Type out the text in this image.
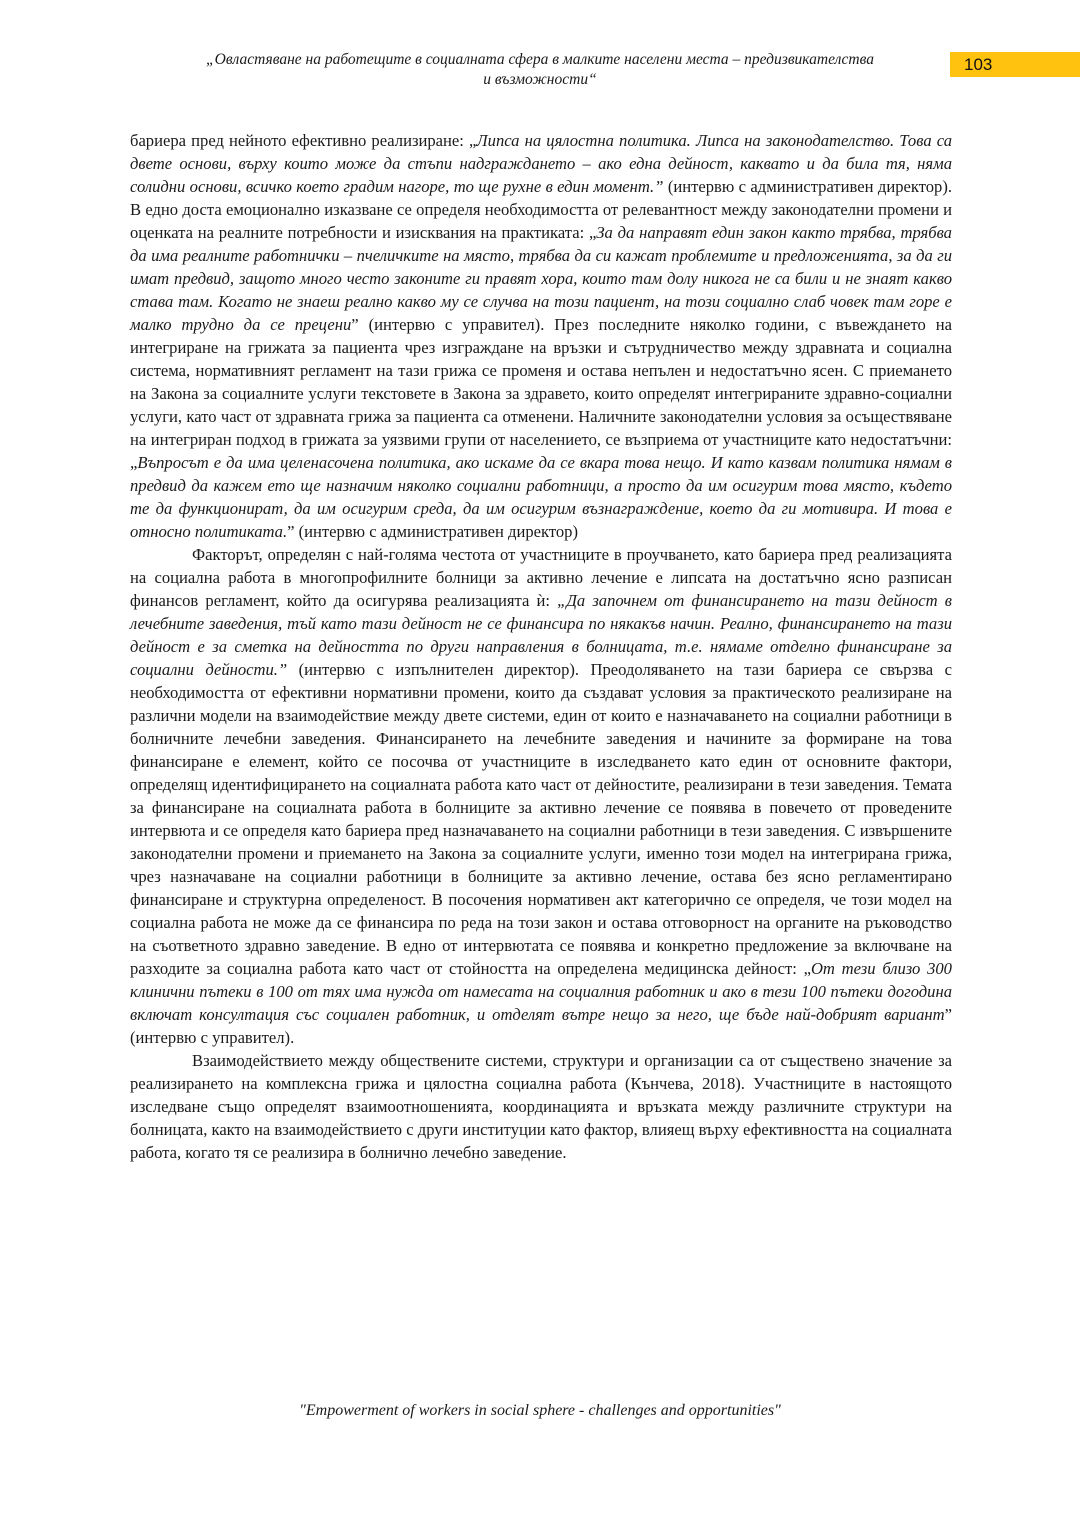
„Овластяване на работещите в социалната сфера в малките населени места – предизвикателства
и възможности“
103

бариера пред нейното ефективно реализиране: „Липса на цялостна политика. Липса на законодателство. Това са двете основи, върху които може да стъпи надграждането – ако една дейност, каквато и да била тя, няма солидни основи, всичко което градим нагоре, то ще рухне в един момент.” (интервю с административен директор). В едно доста емоционално изказване се определя необходимостта от релевантност между законодателни промени и оценката на реалните потребности и изисквания на практиката: „За да направят един закон както трябва, трябва да има реалните работнички – пчеличките на място, трябва да си кажат проблемите и предложенията, за да ги имат предвид, защото много често законите ги правят хора, които там долу никога не са били и не знаят какво става там. Когато не знаеш реално какво му се случва на този пациент, на този социално слаб човек там горе е малко трудно да се прецени” (интервю с управител). През последните няколко години, с въвеждането на интегриране на грижата за пациента чрез изграждане на връзки и сътрудничество между здравната и социална система, нормативният регламент на тази грижа се променя и остава непълен и недостатъчно ясен. С приемането на Закона за социалните услуги текстовете в Закона за здравето, които определят интегрираните здравно-социални услуги, като част от здравната грижа за пациента са отменени. Наличните законодателни условия за осъществяване на интегриран подход в грижата за уязвими групи от населението, се възприема от участниците като недостатъчни: „Въпросът е да има целенасочена политика, ако искаме да се вкара това нещо. И като казвам политика нямам в предвид да кажем ето ще назначим няколко социални работници, а просто да им осигурим това място, където те да функционират, да им осигурим среда, да им осигурим възнаграждение, което да ги мотивира. И това е относно политиката.” (интервю с административен директор)

Факторът, определян с най-голяма честота от участниците в проучването, като бариера пред реализацията на социална работа в многопрофилните болници за активно лечение е липсата на достатъчно ясно разписан финансов регламент, който да осигурява реализацията ѝ: „Да започнем от финансирането на тази дейност в лечебните заведения, тъй като тази дейност не се финансира по някакъв начин. Реално, финансирането на тази дейност е за сметка на дейността по други направления в болницата, т.е. нямаме отделно финансиране за социални дейности.” (интервю с изпълнителен директор). Преодоляването на тази бариера се свързва с необходимостта от ефективни нормативни промени, които да създават условия за практическото реализиране на различни модели на взаимодействие между двете системи, един от които е назначаването на социални работници в болничните лечебни заведения. Финансирането на лечебните заведения и начините за формиране на това финансиране е елемент, който се посочва от участниците в изследването като един от основните фактори, определящ идентифицирането на социалната работа като част от дейностите, реализирани в тези заведения. Темата за финансиране на социалната работа в болниците за активно лечение се появява в повечето от проведените интервюта и се определя като бариера пред назначаването на социални работници в тези заведения. С извършените законодателни промени и приемането на Закона за социалните услуги, именно този модел на интегрирана грижа, чрез назначаване на социални работници в болниците за активно лечение, остава без ясно регламентирано финансиране и структурна определеност. В посочения нормативен акт категорично се определя, че този модел на социална работа не може да се финансира по реда на този закон и остава отговорност на органите на ръководство на съответното здравно заведение. В едно от интервютата се появява и конкретно предложение за включване на разходите за социална работа като част от стойността на определена медицинска дейност: „От тези близо 300 клинични пътеки в 100 от тях има нужда от намесата на социалния работник и ако в тези 100 пътеки догодина включат консултация със социален работник, и отделят вътре нещо за него, ще бъде най-добрият вариант” (интервю с управител).

Взаимодействието между обществените системи, структури и организации са от съществено значение за реализирането на комплексна грижа и цялостна социална работа (Кънчева, 2018). Участниците в настоящото изследване също определят взаимоотношенията, координацията и връзката между различните структури на болницата, както на взаимодействието с други институции като фактор, влияещ върху ефективността на социалната работа, когато тя се реализира в болнично лечебно заведение.

"Empowerment of workers in social sphere - challenges and opportunities"
